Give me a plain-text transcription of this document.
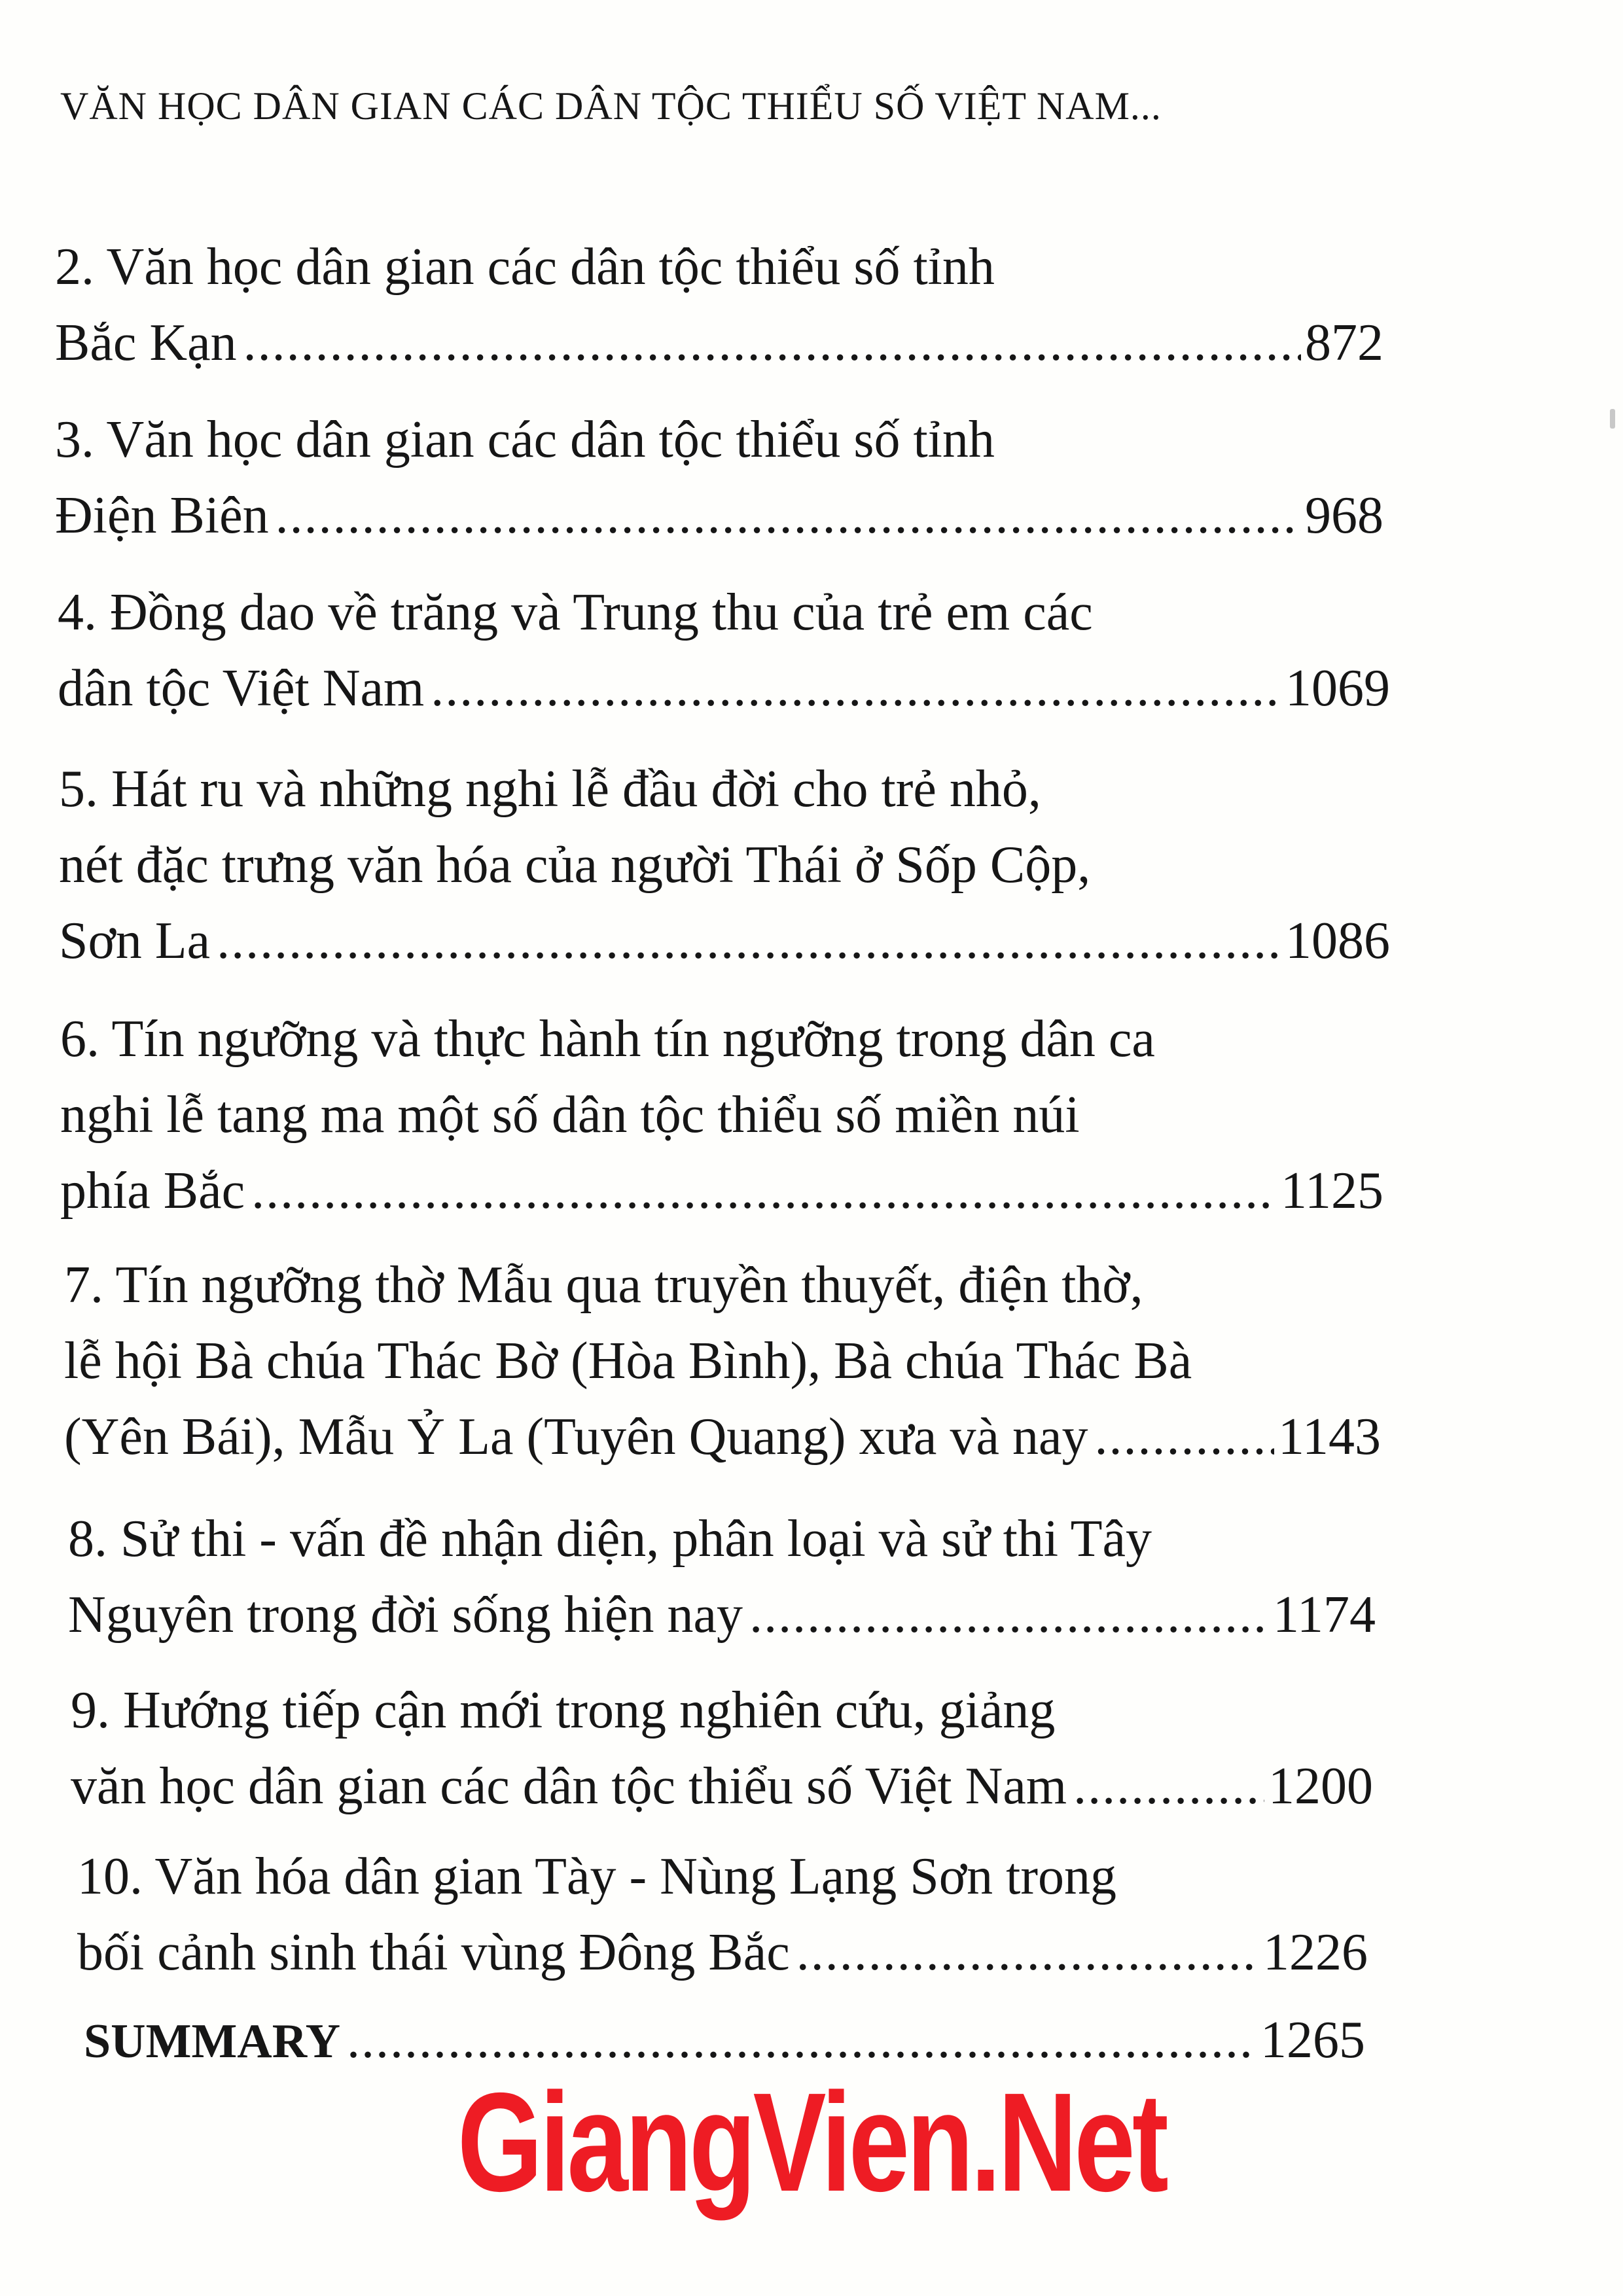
VĂN HỌC DÂN GIAN CÁC DÂN TỘC THIỂU SỐ VIỆT NAM...
2. Văn học dân gian các dân tộc thiểu số tỉnh
Bắc Kạn .....	872
3. Văn học dân gian các dân tộc thiểu số tỉnh
Điện Biên .....	968
4. Đồng dao về trăng và Trung thu của trẻ em các
dân tộc Việt Nam .....	1069
5. Hát ru và những nghi lễ đầu đời cho trẻ nhỏ,
nét đặc trưng văn hóa của người Thái ở Sốp Cộp,
Sơn La .....	1086
6. Tín ngưỡng và thực hành tín ngưỡng trong dân ca
nghi lễ tang ma một số dân tộc thiểu số miền núi
phía Bắc .....	1125
7. Tín ngưỡng thờ Mẫu qua truyền thuyết, điện thờ,
lễ hội Bà chúa Thác Bờ (Hòa Bình), Bà chúa Thác Bà
(Yên Bái), Mẫu Ỷ La (Tuyên Quang) xưa và nay .....	1143
8. Sử thi - vấn đề nhận diện, phân loại và sử thi Tây
Nguyên trong đời sống hiện nay .....	1174
9. Hướng tiếp cận mới trong nghiên cứu, giảng
văn học dân gian các dân tộc thiểu số Việt Nam .....	1200
10. Văn hóa dân gian Tày - Nùng Lạng Sơn trong
bối cảnh sinh thái vùng Đông Bắc .....	1226
SUMMARY .....	1265
GiangVien.Net
